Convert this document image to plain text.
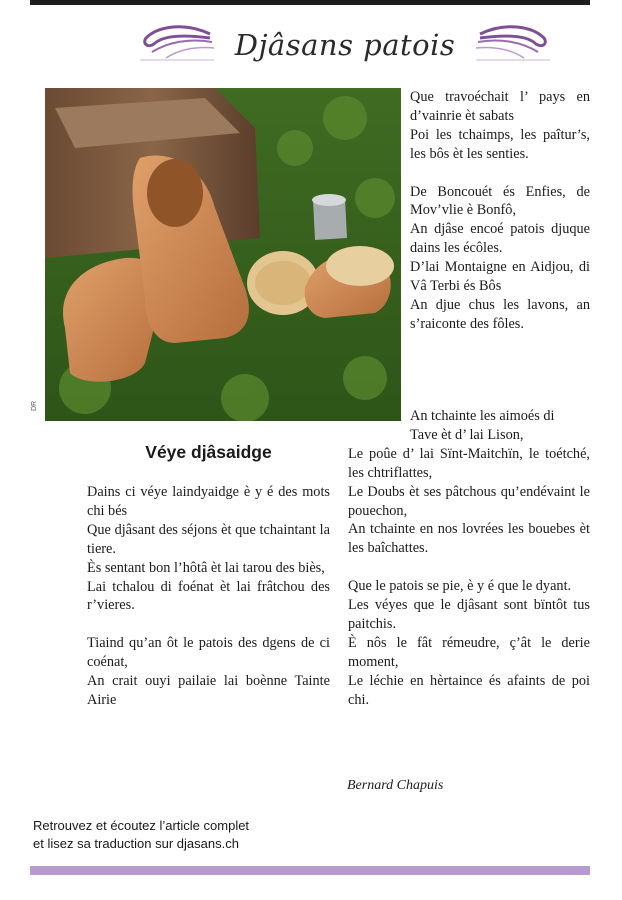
Djâsans patois
DR

Que travoéchait l’ pays en d’vainrie èt sabats
Poi les tchaimps, les paîtur’s, les bôs èt les senties.

De Boncouét és Enfies, de Mov’vlie è Bonfô,
An djâse encoé patois djuque dains les écôles.
D’lai Montaigne en Aidjou, di Vâ Terbi és Bôs
An djue chus les lavons, an s’raiconte des fôles.

Véye djâsaidge

Dains ci véye laindyaidge è y é des mots chi bés
Que djâsant des séjons èt que tchaintant la tiere.
Ès sentant bon l’hôtâ èt lai tarou des biès,
Lai tchalou di foénat èt lai frâtchou des r’vieres.

Tiaind qu’an ôt le patois des dgens de ci coénat,
An crait ouyi pailaie lai boènne Tainte Airie

An tchainte les aimoés di

Tave èt d’ lai Lison,
Le poûe d’ lai Sïnt-Maitchïn, le toétché, les chtriflattes,
Le Doubs èt ses pâtchous qu’endévaint le pouechon,
An tchainte en nos lovrées les bouebes èt les baîchattes.

Que le patois se pie, è y é que le dyant.
Les véyes que le djâsant sont bïntôt tus paitchis.
È nôs le fât rémeudre, ç’ât le derie moment,
Le léchie en hèrtaince és afaints de poi chi.

Bernard Chapuis
Retrouvez et écoutez l’article complet
et lisez sa traduction sur djasans.ch
